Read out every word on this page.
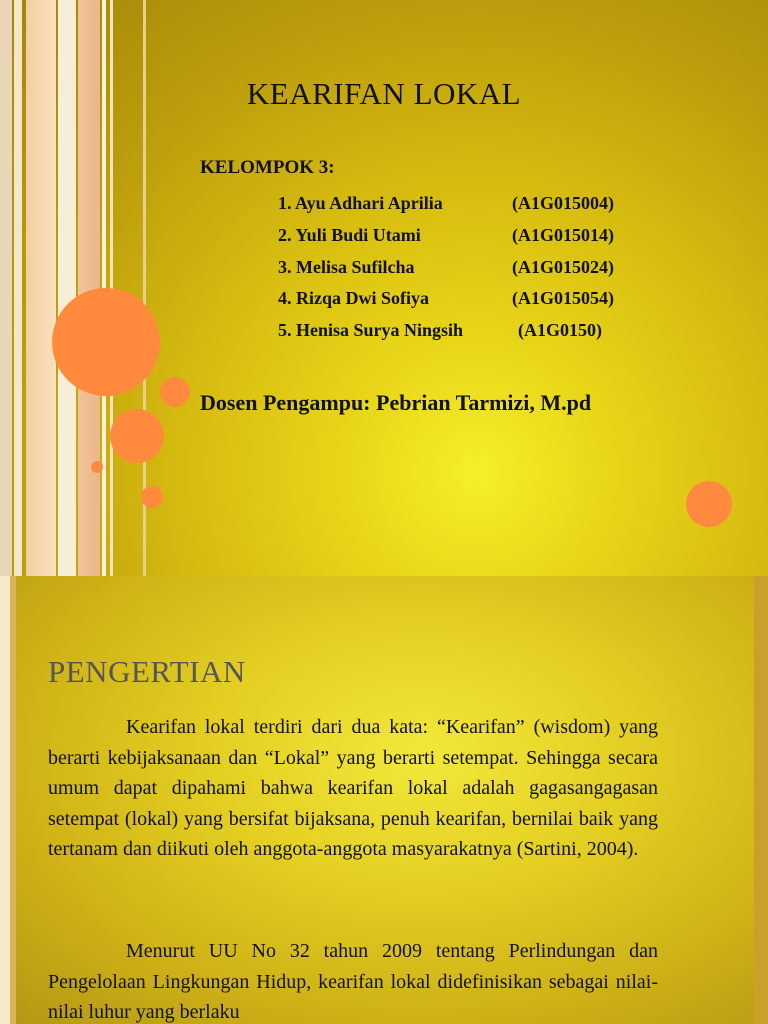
KEARIFAN LOKAL
KELOMPOK 3:
1. Ayu Adhari Aprilia	(A1G015004)
2. Yuli Budi Utami	(A1G015014)
3. Melisa Sufilcha	(A1G015024)
4. Rizqa Dwi Sofiya	(A1G015054)
5. Henisa Surya Ningsih	(A1G0150)
Dosen Pengampu: Pebrian Tarmizi, M.pd
PENGERTIAN
Kearifan lokal terdiri dari dua kata: “Kearifan” (wisdom) yang berarti kebijaksanaan dan “Lokal” yang berarti setempat. Sehingga secara umum dapat dipahami bahwa kearifan lokal adalah gagasangagasan setempat (lokal) yang bersifat bijaksana, penuh kearifan, bernilai baik yang tertanam dan diikuti oleh anggota-anggota masyarakatnya (Sartini, 2004).
Menurut UU No 32 tahun 2009 tentang Perlindungan dan Pengelolaan Lingkungan Hidup, kearifan lokal didefinisikan sebagai nilai-nilai luhur yang berlaku
